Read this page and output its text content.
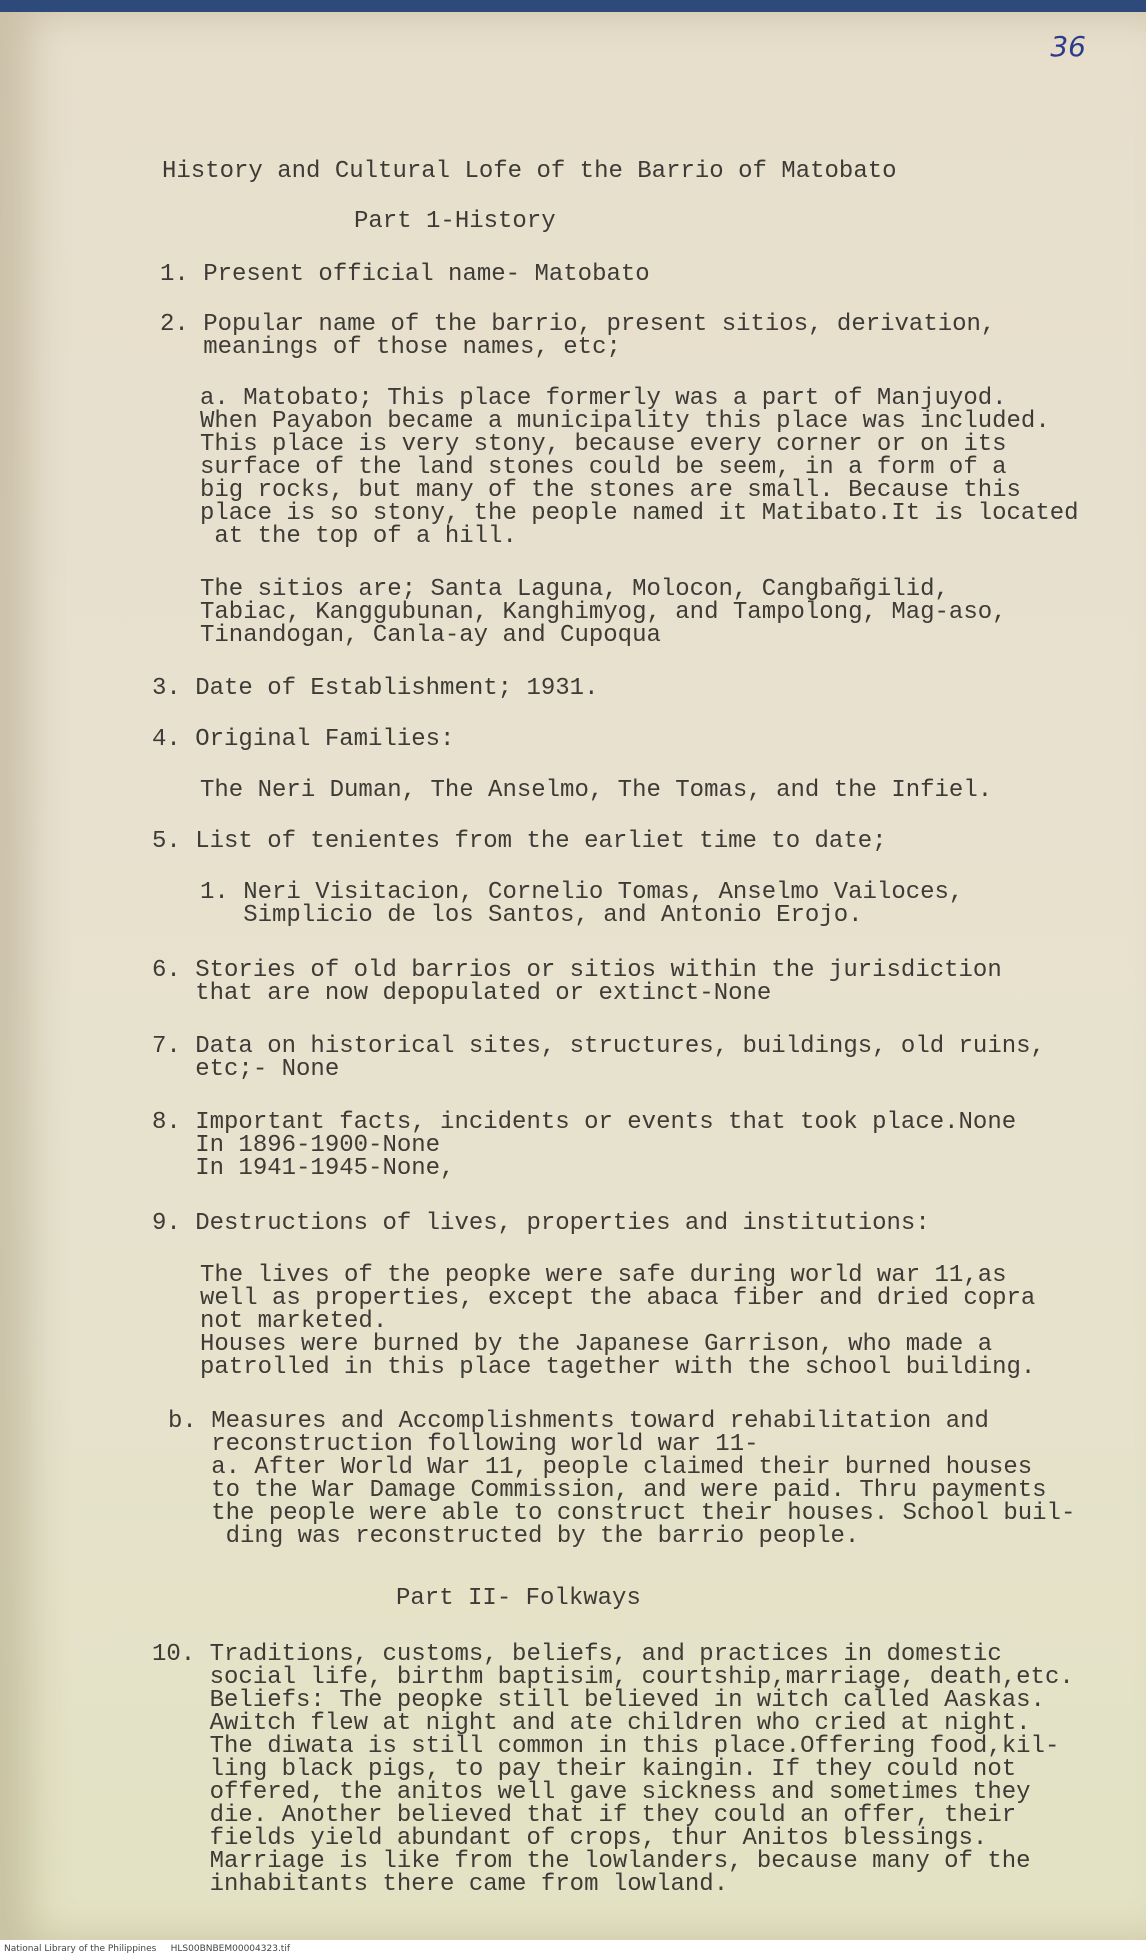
36
History and Cultural Lofe of the Barrio of Matobato
Part 1-History
1. Present official name- Matobato
2. Popular name of the barrio, present sitios, derivation,
meanings of those names, etc;
a. Matobato; This place formerly was a part of Manjuyod.
When Payabon became a municipality this place was included.
This place is very stony, because every corner or on its
surface of the land stones could be seem, in a form of a
big rocks, but many of the stones are small. Because this
place is so stony, the people named it Matibato.It is located
at the top of a hill.
The sitios are; Santa Laguna, Molocon, Cangbañgilid,
Tabiac, Kanggubunan, Kanghimyog, and Tampolong, Mag-aso,
Tinandogan, Canla-ay and Cupoqua
3. Date of Establishment; 1931.
4. Original Families:
The Neri Duman, The Anselmo, The Tomas, and the Infiel.
5. List of tenientes from the earliet time to date;
1. Neri Visitacion, Cornelio Tomas, Anselmo Vailoces,
Simplicio de los Santos, and Antonio Erojo.
6. Stories of old barrios or sitios within the jurisdiction
that are now depopulated or extinct-None
7. Data on historical sites, structures, buildings, old ruins,
etc;- None
8. Important facts, incidents or events that took place.None
In 1896-1900-None
In 1941-1945-None,
9. Destructions of lives, properties and institutions:
The lives of the peopke were safe during world war 11,as
well as properties, except the abaca fiber and dried copra
not marketed.
Houses were burned by the Japanese Garrison, who made a
patrolled in this place tagether with the school building.
b. Measures and Accomplishments toward rehabilitation and
reconstruction following world war 11-
a. After World War 11, people claimed their burned houses
to the War Damage Commission, and were paid. Thru payments
the people were able to construct their houses. School buil-
ding was reconstructed by the barrio people.
Part II- Folkways
10. Traditions, customs, beliefs, and practices in domestic
social life, birthm baptisim, courtship,marriage, death,etc.
Beliefs: The peopke still believed in witch called Aaskas.
Awitch flew at night and ate children who cried at night.
The diwata is still common in this place.Offering food,kil-
ling black pigs, to pay their kaingin. If they could not
offered, the anitos well gave sickness and sometimes they
die. Another believed that if they could an offer, their
fields yield abundant of crops, thur Anitos blessings.
Marriage is like from the lowlanders, because many of the
inhabitants there came from lowland.
National Library of the Philippines     HLS00BNBEM00004323.tif
